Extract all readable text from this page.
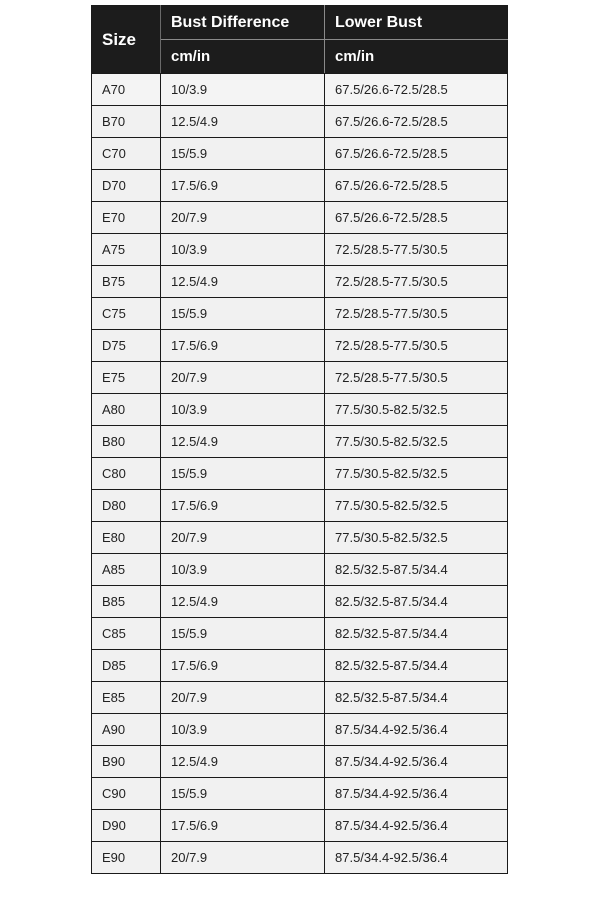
Size	Bust Difference	Lower Bust
	cm/in	cm/in
A70	10/3.9	67.5/26.6-72.5/28.5
B70	12.5/4.9	67.5/26.6-72.5/28.5
C70	15/5.9	67.5/26.6-72.5/28.5
D70	17.5/6.9	67.5/26.6-72.5/28.5
E70	20/7.9	67.5/26.6-72.5/28.5
A75	10/3.9	72.5/28.5-77.5/30.5
B75	12.5/4.9	72.5/28.5-77.5/30.5
C75	15/5.9	72.5/28.5-77.5/30.5
D75	17.5/6.9	72.5/28.5-77.5/30.5
E75	20/7.9	72.5/28.5-77.5/30.5
A80	10/3.9	77.5/30.5-82.5/32.5
B80	12.5/4.9	77.5/30.5-82.5/32.5
C80	15/5.9	77.5/30.5-82.5/32.5
D80	17.5/6.9	77.5/30.5-82.5/32.5
E80	20/7.9	77.5/30.5-82.5/32.5
A85	10/3.9	82.5/32.5-87.5/34.4
B85	12.5/4.9	82.5/32.5-87.5/34.4
C85	15/5.9	82.5/32.5-87.5/34.4
D85	17.5/6.9	82.5/32.5-87.5/34.4
E85	20/7.9	82.5/32.5-87.5/34.4
A90	10/3.9	87.5/34.4-92.5/36.4
B90	12.5/4.9	87.5/34.4-92.5/36.4
C90	15/5.9	87.5/34.4-92.5/36.4
D90	17.5/6.9	87.5/34.4-92.5/36.4
E90	20/7.9	87.5/34.4-92.5/36.4
